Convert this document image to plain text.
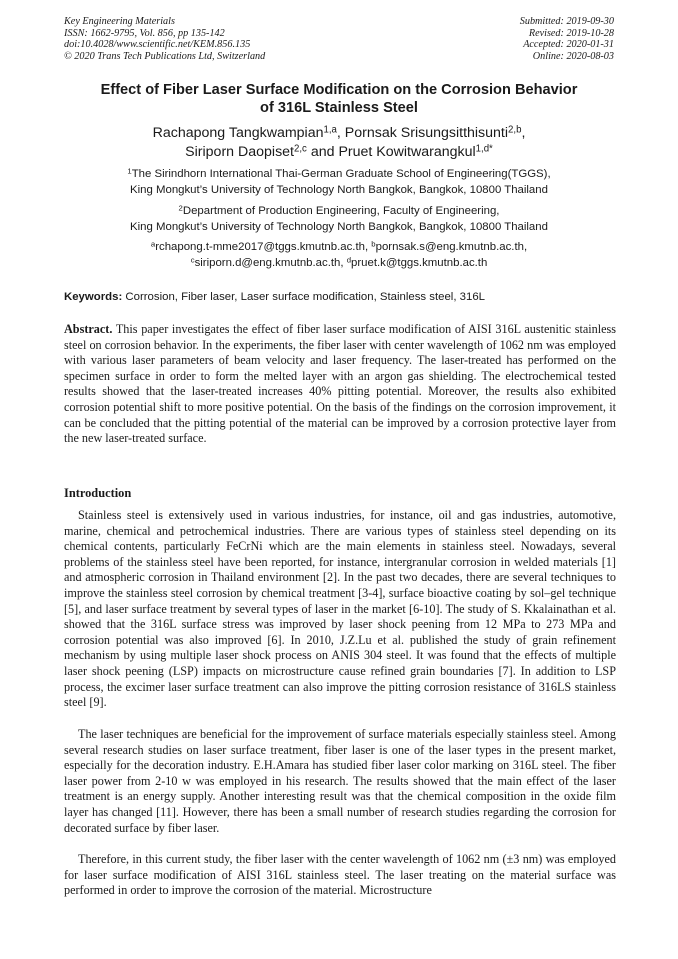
Key Engineering Materials
ISSN: 1662-9795, Vol. 856, pp 135-142
doi:10.4028/www.scientific.net/KEM.856.135
© 2020 Trans Tech Publications Ltd, Switzerland
Submitted: 2019-09-30
Revised: 2019-10-28
Accepted: 2020-01-31
Online: 2020-08-03
Effect of Fiber Laser Surface Modification on the Corrosion Behavior
of 316L Stainless Steel
Rachapong Tangkwampian$^{1,a}$, Pornsak Srisungsitthisunti$^{2,b}$,
Siriporn Daopiset$^{2,c}$ and Pruet Kowitwarangkul$^{1,d*}$
$^1$The Sirindhorn International Thai-German Graduate School of Engineering(TGGS),
King Mongkut’s University of Technology North Bangkok, Bangkok, 10800 Thailand
$^2$Department of Production Engineering, Faculty of Engineering,
King Mongkut’s University of Technology North Bangkok, Bangkok, 10800 Thailand
$^a$rchapong.t-mme2017@tggs.kmutnb.ac.th, $^b$pornsak.s@eng.kmutnb.ac.th,
$^c$siriporn.d@eng.kmutnb.ac.th, $^d$pruet.k@tggs.kmutnb.ac.th
Keywords: Corrosion, Fiber laser, Laser surface modification, Stainless steel, 316L

Abstract. This paper investigates the effect of fiber laser surface modification of AISI 316L austenitic stainless steel on corrosion behavior. In the experiments, the fiber laser with center wavelength of 1062 nm was employed with various laser parameters of beam velocity and laser frequency. The laser-treated has performed on the specimen surface in order to form the melted layer with an argon gas shielding. The electrochemical tested results showed that the laser-treated increases 40% pitting potential. Moreover, the results also exhibited corrosion potential shift to more positive potential. On the basis of the findings on the corrosion improvement, it can be concluded that the pitting potential of the material can be improved by a corrosion protective layer from the new laser-treated surface.

Introduction

Stainless steel is extensively used in various industries, for instance, oil and gas industries, automotive, marine, chemical and petrochemical industries. There are various types of stainless steel depending on its chemical contents, particularly FeCrNi which are the main elements in stainless steel. Nowadays, several problems of the stainless steel have been reported, for instance, intergranular corrosion in welded materials [1] and atmospheric corrosion in Thailand environment [2]. In the past two decades, there are several techniques to improve the stainless steel corrosion by chemical treatment [3-4], surface bioactive coating by sol–gel technique [5], and laser surface treatment by several types of laser in the market [6-10]. The study of S. Kkalainathan et al. showed that the 316L surface stress was improved by laser shock peening from 12 MPa to 273 MPa and corrosion potential was also improved [6]. In 2010, J.Z.Lu et al. published the study of grain refinement mechanism by using multiple laser shock process on ANIS 304 steel. It was found that the effects of multiple laser shock peening (LSP) impacts on microstructure cause refined grain boundaries [7]. In addition to LSP process, the excimer laser surface treatment can also improve the pitting corrosion resistance of 316LS stainless steel [9].

The laser techniques are beneficial for the improvement of surface materials especially stainless steel. Among several research studies on laser surface treatment, fiber laser is one of the laser types in the present market, especially for the decoration industry. E.H.Amara has studied fiber laser color marking on 316L steel. The fiber laser power from 2-10 w was employed in his research. The results showed that the main effect of the laser treatment is an energy supply. Another interesting result was that the chemical composition in the oxide film layer has changed [11]. However, there has been a small number of research studies regarding the corrosion for decorated surface by fiber laser.

Therefore, in this current study, the fiber laser with the center wavelength of 1062 nm (±3 nm) was employed for laser surface modification of AISI 316L stainless steel. The laser treating on the material surface was performed in order to improve the corrosion of the material. Microstructure
